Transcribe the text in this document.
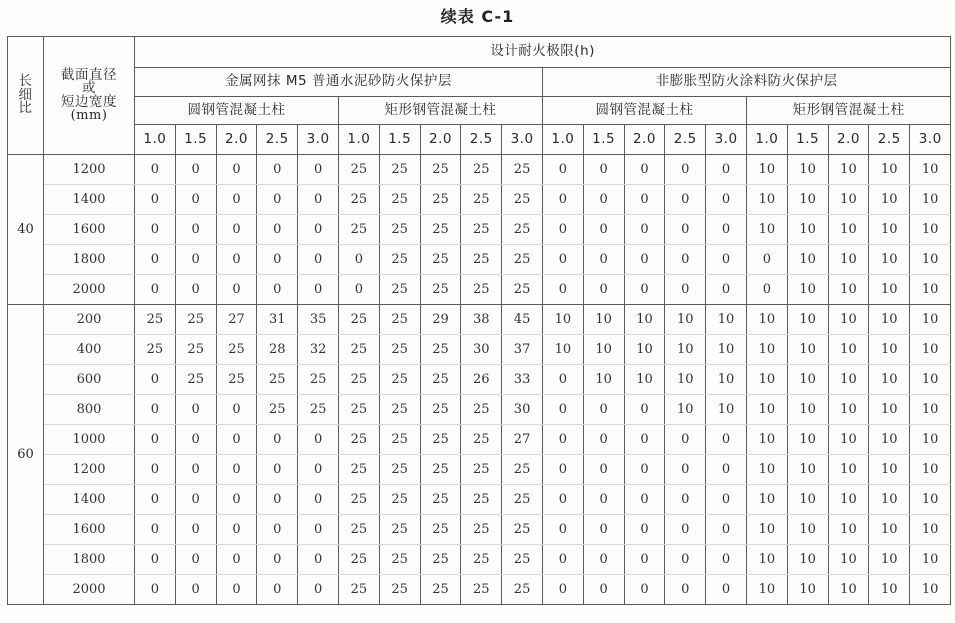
续表 C-1
长
细
比	截面直径
或
短边宽度
(mm)	设计耐火极限(h)																			
		金属网抹 M5 普通水泥砂防火保护层										非膨胀型防火涂料防火保护层									
		圆钢管混凝土柱					矩形钢管混凝土柱					圆钢管混凝土柱					矩形钢管混凝土柱				
		1.0	1.5	2.0	2.5	3.0	1.0	1.5	2.0	2.5	3.0	1.0	1.5	2.0	2.5	3.0	1.0	1.5	2.0	2.5	3.0
40	1200	0	0	0	0	0	25	25	25	25	25	0	0	0	0	0	10	10	10	10	10
	1400	0	0	0	0	0	25	25	25	25	25	0	0	0	0	0	10	10	10	10	10
	1600	0	0	0	0	0	25	25	25	25	25	0	0	0	0	0	10	10	10	10	10
	1800	0	0	0	0	0	0	25	25	25	25	0	0	0	0	0	0	10	10	10	10
	2000	0	0	0	0	0	0	25	25	25	25	0	0	0	0	0	0	10	10	10	10
60	200	25	25	27	31	35	25	25	29	38	45	10	10	10	10	10	10	10	10	10	10
	400	25	25	25	28	32	25	25	25	30	37	10	10	10	10	10	10	10	10	10	10
	600	0	25	25	25	25	25	25	25	26	33	0	10	10	10	10	10	10	10	10	10
	800	0	0	0	25	25	25	25	25	25	30	0	0	0	10	10	10	10	10	10	10
	1000	0	0	0	0	0	25	25	25	25	27	0	0	0	0	0	10	10	10	10	10
	1200	0	0	0	0	0	25	25	25	25	25	0	0	0	0	0	10	10	10	10	10
	1400	0	0	0	0	0	25	25	25	25	25	0	0	0	0	0	10	10	10	10	10
	1600	0	0	0	0	0	25	25	25	25	25	0	0	0	0	0	10	10	10	10	10
	1800	0	0	0	0	0	25	25	25	25	25	0	0	0	0	0	10	10	10	10	10
	2000	0	0	0	0	0	25	25	25	25	25	0	0	0	0	0	10	10	10	10	10
